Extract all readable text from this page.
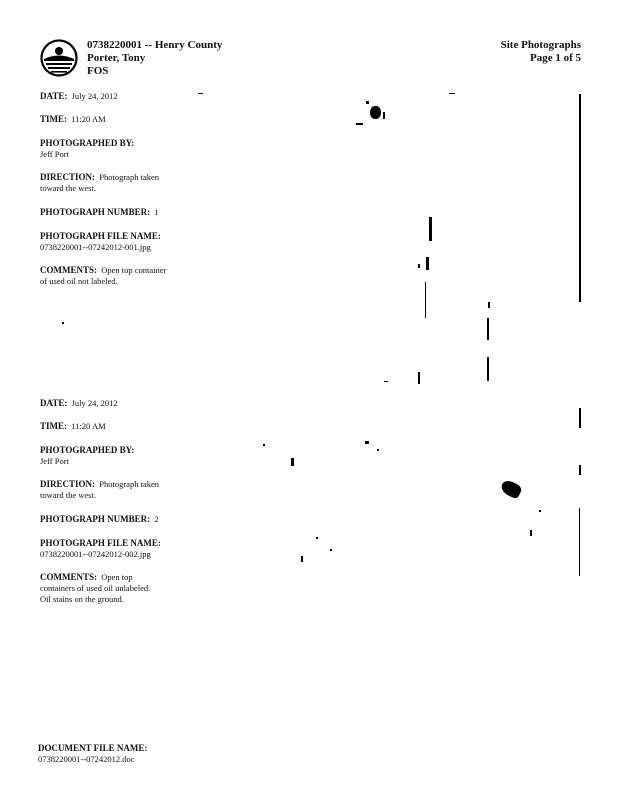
0738220001 -- Henry County
Porter, Tony
FOS
Site Photographs
Page 1 of 5
DATE: July 24, 2012
TIME: 11:20 AM
PHOTOGRAPHED BY:
Jeff Port
DIRECTION: Photograph taken
toward the west.
PHOTOGRAPH NUMBER: 1
PHOTOGRAPH FILE NAME:
0738220001--07242012-001.jpg
COMMENTS: Open top container
of used oil not labeled.
DATE: July 24, 2012
TIME: 11:20 AM
PHOTOGRAPHED BY:
Jeff Port
DIRECTION: Photograph taken
toward the west.
PHOTOGRAPH NUMBER: 2
PHOTOGRAPH FILE NAME:
0738220001--07242012-002.jpg
COMMENTS: Open top
containers of used oil unlabeled.
Oil stains on the ground.
DOCUMENT FILE NAME:
0738220001--07242012.doc
